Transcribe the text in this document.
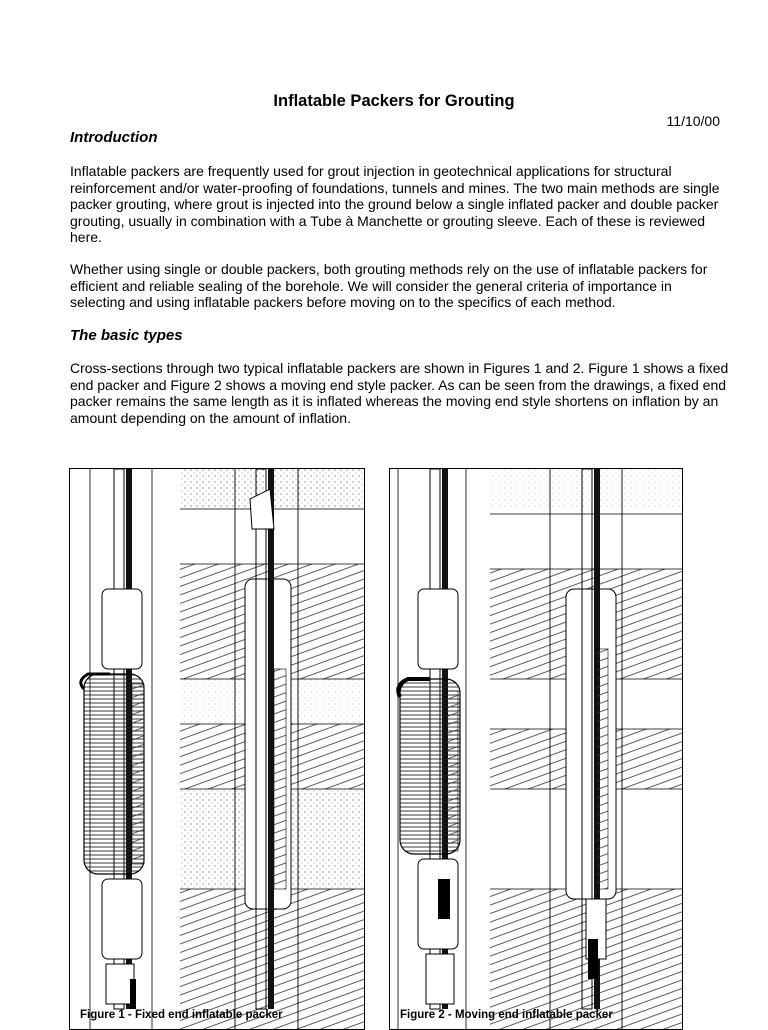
Inflatable Packers for Grouting
11/10/00
Introduction

Inflatable packers are frequently used for grout injection in geotechnical applications for structural reinforcement and/or water-proofing of foundations, tunnels and mines. The two main methods are single packer grouting, where grout is injected into the ground below a single inflated packer and double packer grouting, usually in combination with a Tube à Manchette or grouting sleeve. Each of these is reviewed here.

Whether using single or double packers, both grouting methods rely on the use of inflatable packers for efficient and reliable sealing of the borehole. We will consider the general criteria of importance in selecting and using inflatable packers before moving on to the specifics of each method.

The basic types

Cross-sections through two typical inflatable packers are shown in Figures 1 and 2. Figure 1 shows a fixed end packer and Figure 2 shows a moving end style packer. As can be seen from the drawings, a fixed end packer remains the same length as it is inflated whereas the moving end style shortens on inflation by an amount depending on the amount of inflation.

Figure 1 - Fixed end inflatable packer	Figure 2 - Moving end inflatable packer
